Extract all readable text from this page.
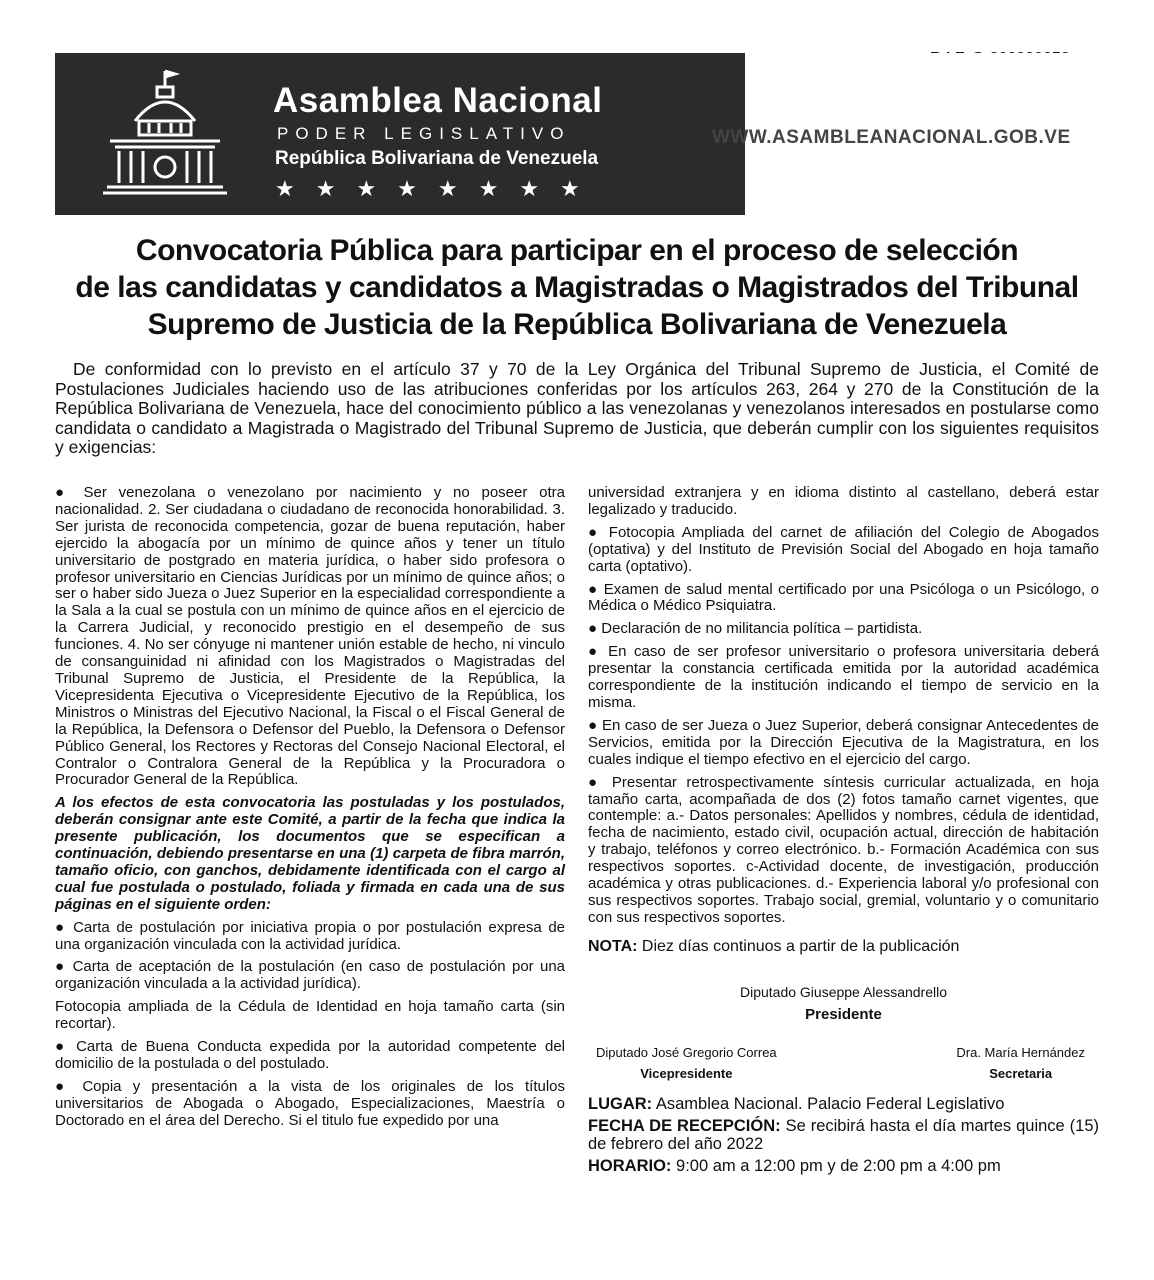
Asamblea Nacional
PODER LEGISLATIVO
República Bolivariana de Venezuela
★★★★★★★★
WWW.ASAMBLEANACIONAL.GOB.VE
Convocatoria Pública para participar en el proceso de selección
de las candidatas y candidatos a Magistradas o Magistrados del Tribunal
Supremo de Justicia de la República Bolivariana de Venezuela
De conformidad con lo previsto en el artículo 37 y 70 de la Ley Orgánica del Tribunal Supremo de Justicia, el Comité de Postulaciones Judiciales haciendo uso de las atribuciones conferidas por los artículos 263, 264 y 270 de la Constitución de la República Bolivariana de Venezuela, hace del conocimiento público a las venezolanas y venezolanos interesados en postularse como candidata o candidato a Magistrada o Magistrado del Tribunal Supremo de Justicia, que deberán cumplir con los siguientes requisitos y exigencias:

● Ser venezolana o venezolano por nacimiento y no poseer otra nacionalidad. 2. Ser ciudadana o ciudadano de reconocida honorabilidad. 3. Ser jurista de reconocida competencia, gozar de buena reputación, haber ejercido la abogacía por un mínimo de quince años y tener un título universitario de postgrado en materia jurídica, o haber sido profesora o profesor universitario en Ciencias Jurídicas por un mínimo de quince años; o ser o haber sido Jueza o Juez Superior en la especialidad correspondiente a la Sala a la cual se postula con un mínimo de quince años en el ejercicio de la Carrera Judicial, y reconocido prestigio en el desempeño de sus funciones. 4. No ser cónyuge ni mantener unión estable de hecho, ni vinculo de consanguinidad ni afinidad con los Magistrados o Magistradas del Tribunal Supremo de Justicia, el Presidente de la República, la Vicepresidenta Ejecutiva o Vicepresidente Ejecutivo de la República, los Ministros o Ministras del Ejecutivo Nacional, la Fiscal o el Fiscal General de la República, la Defensora o Defensor del Pueblo, la Defensora o Defensor Público General, los Rectores y Rectoras del Consejo Nacional Electoral, el Contralor o Contralora General de la República y la Procuradora o Procurador General de la República.

A los efectos de esta convocatoria las postuladas y los postulados, deberán consignar ante este Comité, a partir de la fecha que indica la presente publicación, los documentos que se especifican a continuación, debiendo presentarse en una (1) carpeta de fibra marrón, tamaño oficio, con ganchos, debidamente identificada con el cargo al cual fue postulada o postulado, foliada y firmada en cada una de sus páginas en el siguiente orden:

● Carta de postulación por iniciativa propia o por postulación expresa de una organización vinculada con la actividad jurídica.

● Carta de aceptación de la postulación (en caso de postulación por una organización vinculada a la actividad jurídica).

Fotocopia ampliada de la Cédula de Identidad en hoja tamaño carta (sin recortar).

● Carta de Buena Conducta expedida por la autoridad competente del domicilio de la postulada o del postulado.

● Copia y presentación a la vista de los originales de los títulos universitarios de Abogada o Abogado, Especializaciones, Maestría o Doctorado en el área del Derecho. Si el titulo fue expedido por una

universidad extranjera y en idioma distinto al castellano, deberá estar legalizado y traducido.

● Fotocopia Ampliada del carnet de afiliación del Colegio de Abogados (optativa) y del Instituto de Previsión Social del Abogado en hoja tamaño carta (optativo).

● Examen de salud mental certificado por una Psicóloga o un Psicólogo, o Médica o Médico Psiquiatra.

● Declaración de no militancia política – partidista.

● En caso de ser profesor universitario o profesora universitaria deberá presentar la constancia certificada emitida por la autoridad académica correspondiente de la institución indicando el tiempo de servicio en la misma.

● En caso de ser Jueza o Juez Superior, deberá consignar Antecedentes de Servicios, emitida por la Dirección Ejecutiva de la Magistratura, en los cuales indique el tiempo efectivo en el ejercicio del cargo.

● Presentar retrospectivamente síntesis curricular actualizada, en hoja tamaño carta, acompañada de dos (2) fotos tamaño carnet vigentes, que contemple: a.- Datos personales: Apellidos y nombres, cédula de identidad, fecha de nacimiento, estado civil, ocupación actual, dirección de habitación y trabajo, teléfonos y correo electrónico. b.- Formación Académica con sus respectivos soportes. c-Actividad docente, de investigación, producción académica y otras publicaciones. d.- Experiencia laboral y/o profesional con sus respectivos soportes. Trabajo social, gremial, voluntario y o comunitario con sus respectivos soportes.

NOTA: Diez días continuos a partir de la publicación

Diputado Giuseppe Alessandrello
Presidente
Diputado José Gregorio Correa
Vicepresidente
Dra. María Hernández
Secretaria
LUGAR: Asamblea Nacional. Palacio Federal Legislativo
FECHA DE RECEPCIÓN: Se recibirá hasta el día martes quince (15) de febrero del año 2022
HORARIO: 9:00 am a 12:00 pm y de 2:00 pm a 4:00 pm
